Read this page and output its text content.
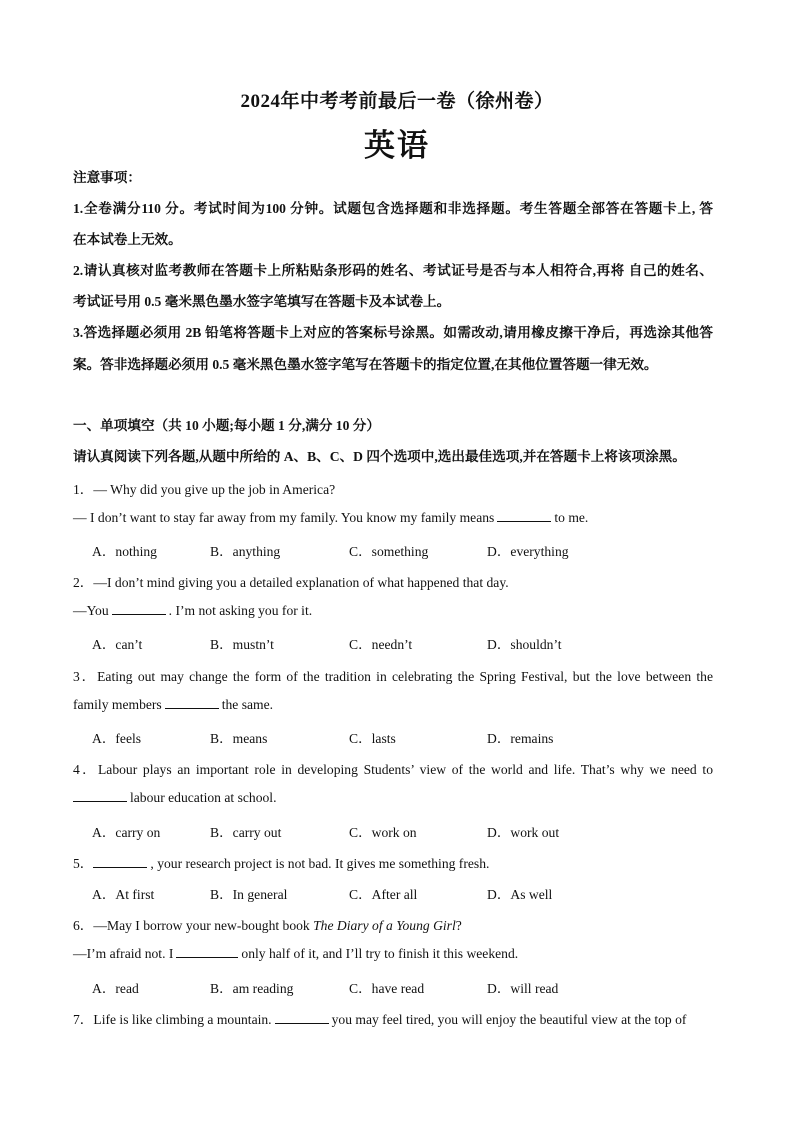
2024年中考考前最后一卷（徐州卷）
英语
注意事项：
1.全卷满分110 分。考试时间为100 分钟。试题包含选择题和非选择题。考生答题全部答在答题卡上, 答
在本试卷上无效。
2.请认真核对监考教师在答题卡上所粘贴条形码的姓名、考试证号是否与本人相符合,再将 自己的姓名、
考试证号用 0.5 毫米黑色墨水签字笔填写在答题卡及本试卷上。
3.答选择题必须用 2B 铅笔将答题卡上对应的答案标号涂黑。如需改动,请用橡皮擦干净后，再选涂其他答
案。答非选择题必须用 0.5 毫米黑色墨水签字笔写在答题卡的指定位置,在其他位置答题一律无效。
一、单项填空（共 10 小题;每小题 1 分,满分 10 分）
请认真阅读下列各题,从题中所给的 A、B、C、D 四个选项中,选出最佳选项,并在答题卡上将该项涂黑。
1．— Why did you give up the job in America?
— I don’t want to stay far away from my family. You know my family means	to me.
A．nothing	B．anything	C．something	D．everything
2．—I don’t mind giving you a detailed explanation of what happened that day.
—You	. I’m not asking you for it.
A．can’t	B．mustn’t	C．needn’t	D．shouldn’t
3．Eating out may change the form of the tradition in celebrating the Spring Festival, but the love between the
family members	the same.
A．feels	B．means	C．lasts	D．remains
4．Labour plays an important role in developing Students’ view of the world and life. That’s why we need to
labour education at school.
A．carry on	B．carry out	C．work on	D．work out
5．	, your research project is not bad. It gives me something fresh.
A．At first	B．In general	C．After all	D．As well
6．—May I borrow your new-bought book The Diary of a Young Girl?
—I’m afraid not. I	only half of it, and I’ll try to finish it this weekend.
A．read	B．am reading	C．have read	D．will read
7．Life is like climbing a mountain.	you may feel tired, you will enjoy the beautiful view at the top of
